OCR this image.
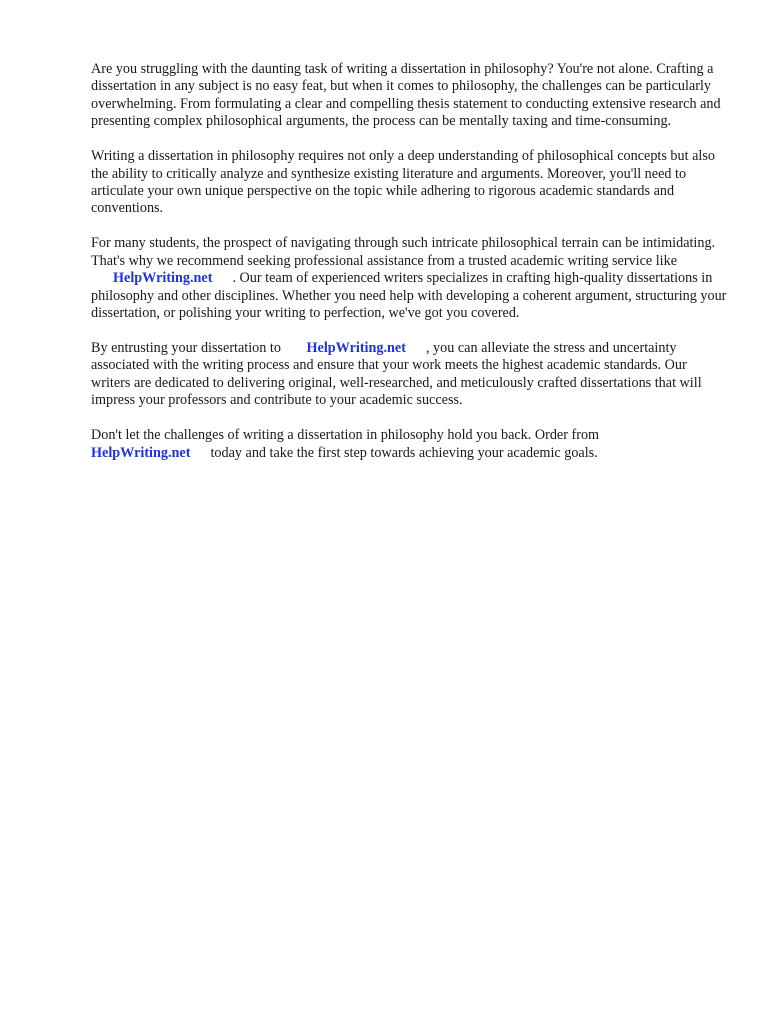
Are you struggling with the daunting task of writing a dissertation in philosophy? You're not alone. Crafting a dissertation in any subject is no easy feat, but when it comes to philosophy, the challenges can be particularly overwhelming. From formulating a clear and compelling thesis statement to conducting extensive research and presenting complex philosophical arguments, the process can be mentally taxing and time-consuming.

Writing a dissertation in philosophy requires not only a deep understanding of philosophical concepts but also the ability to critically analyze and synthesize existing literature and arguments. Moreover, you'll need to articulate your own unique perspective on the topic while adhering to rigorous academic standards and conventions.

For many students, the prospect of navigating through such intricate philosophical terrain can be intimidating. That's why we recommend seeking professional assistance from a trusted academic writing service like HelpWriting.net . Our team of experienced writers specializes in crafting high-quality dissertations in philosophy and other disciplines. Whether you need help with developing a coherent argument, structuring your dissertation, or polishing your writing to perfection, we've got you covered.

By entrusting your dissertation to HelpWriting.net , you can alleviate the stress and uncertainty associated with the writing process and ensure that your work meets the highest academic standards. Our writers are dedicated to delivering original, well-researched, and meticulously crafted dissertations that will impress your professors and contribute to your academic success.

Don't let the challenges of writing a dissertation in philosophy hold you back. Order from HelpWriting.net today and take the first step towards achieving your academic goals.
